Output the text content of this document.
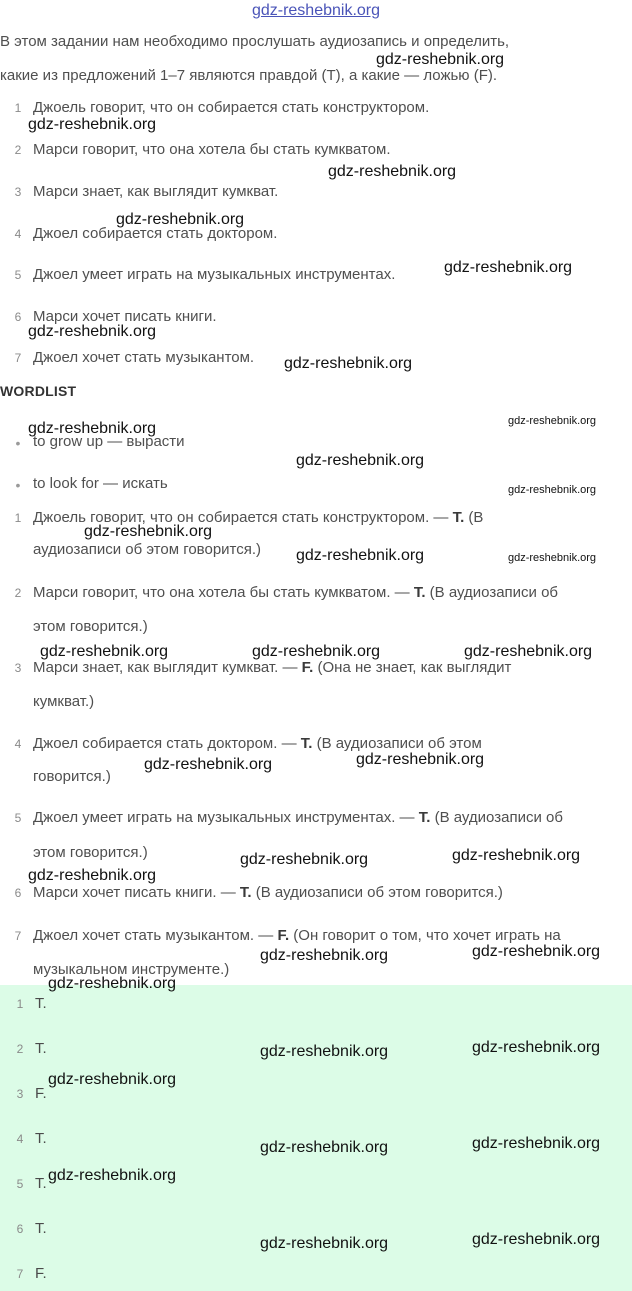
gdz-reshebnik.org
В этом задании нам необходимо прослушать аудиозапись и определить,
какие из предложений 1–7 являются правдой (T), а какие — ложью (F).
1 Джоель говорит, что он собирается стать конструктором.
2 Марси говорит, что она хотела бы стать кумкватом.
3 Марси знает, как выглядит кумкват.
4 Джоел собирается стать доктором.
5 Джоел умеет играть на музыкальных инструментах.
6 Марси хочет писать книги.
7 Джоел хочет стать музыкантом.
WORDLIST
• to grow up — вырасти
• to look for — искать
1 Джоель говорит, что он собирается стать конструктором. — T. (В
аудиозаписи об этом говорится.)
2 Марси говорит, что она хотела бы стать кумкватом. — T. (В аудиозаписи об
этом говорится.)
3 Марси знает, как выглядит кумкват. — F. (Она не знает, как выглядит
кумкват.)
4 Джоел собирается стать доктором. — T. (В аудиозаписи об этом
говорится.)
5 Джоел умеет играть на музыкальных инструментах. — T. (В аудиозаписи об
этом говорится.)
6 Марси хочет писать книги. — T. (В аудиозаписи об этом говорится.)
7 Джоел хочет стать музыкантом. — F. (Он говорит о том, что хочет играть на
музыкальном инструменте.)
1 T.
2 T.
3 F.
4 T.
5 T.
6 T.
7 F.
gdz-reshebnik.org
gdz-reshebnik.org
gdz-reshebnik.org
gdz-reshebnik.org
gdz-reshebnik.org
gdz-reshebnik.org
gdz-reshebnik.org
gdz-reshebnik.org	gdz-reshebnik.org
gdz-reshebnik.org
gdz-reshebnik.org
gdz-reshebnik.org
gdz-reshebnik.org	gdz-reshebnik.org
gdz-reshebnik.org	gdz-reshebnik.org	gdz-reshebnik.org
gdz-reshebnik.org	gdz-reshebnik.org
gdz-reshebnik.org	gdz-reshebnik.org
gdz-reshebnik.org
gdz-reshebnik.org	gdz-reshebnik.org
gdz-reshebnik.org
gdz-reshebnik.org	gdz-reshebnik.org
gdz-reshebnik.org
gdz-reshebnik.org	gdz-reshebnik.org
gdz-reshebnik.org
gdz-reshebnik.org	gdz-reshebnik.org
